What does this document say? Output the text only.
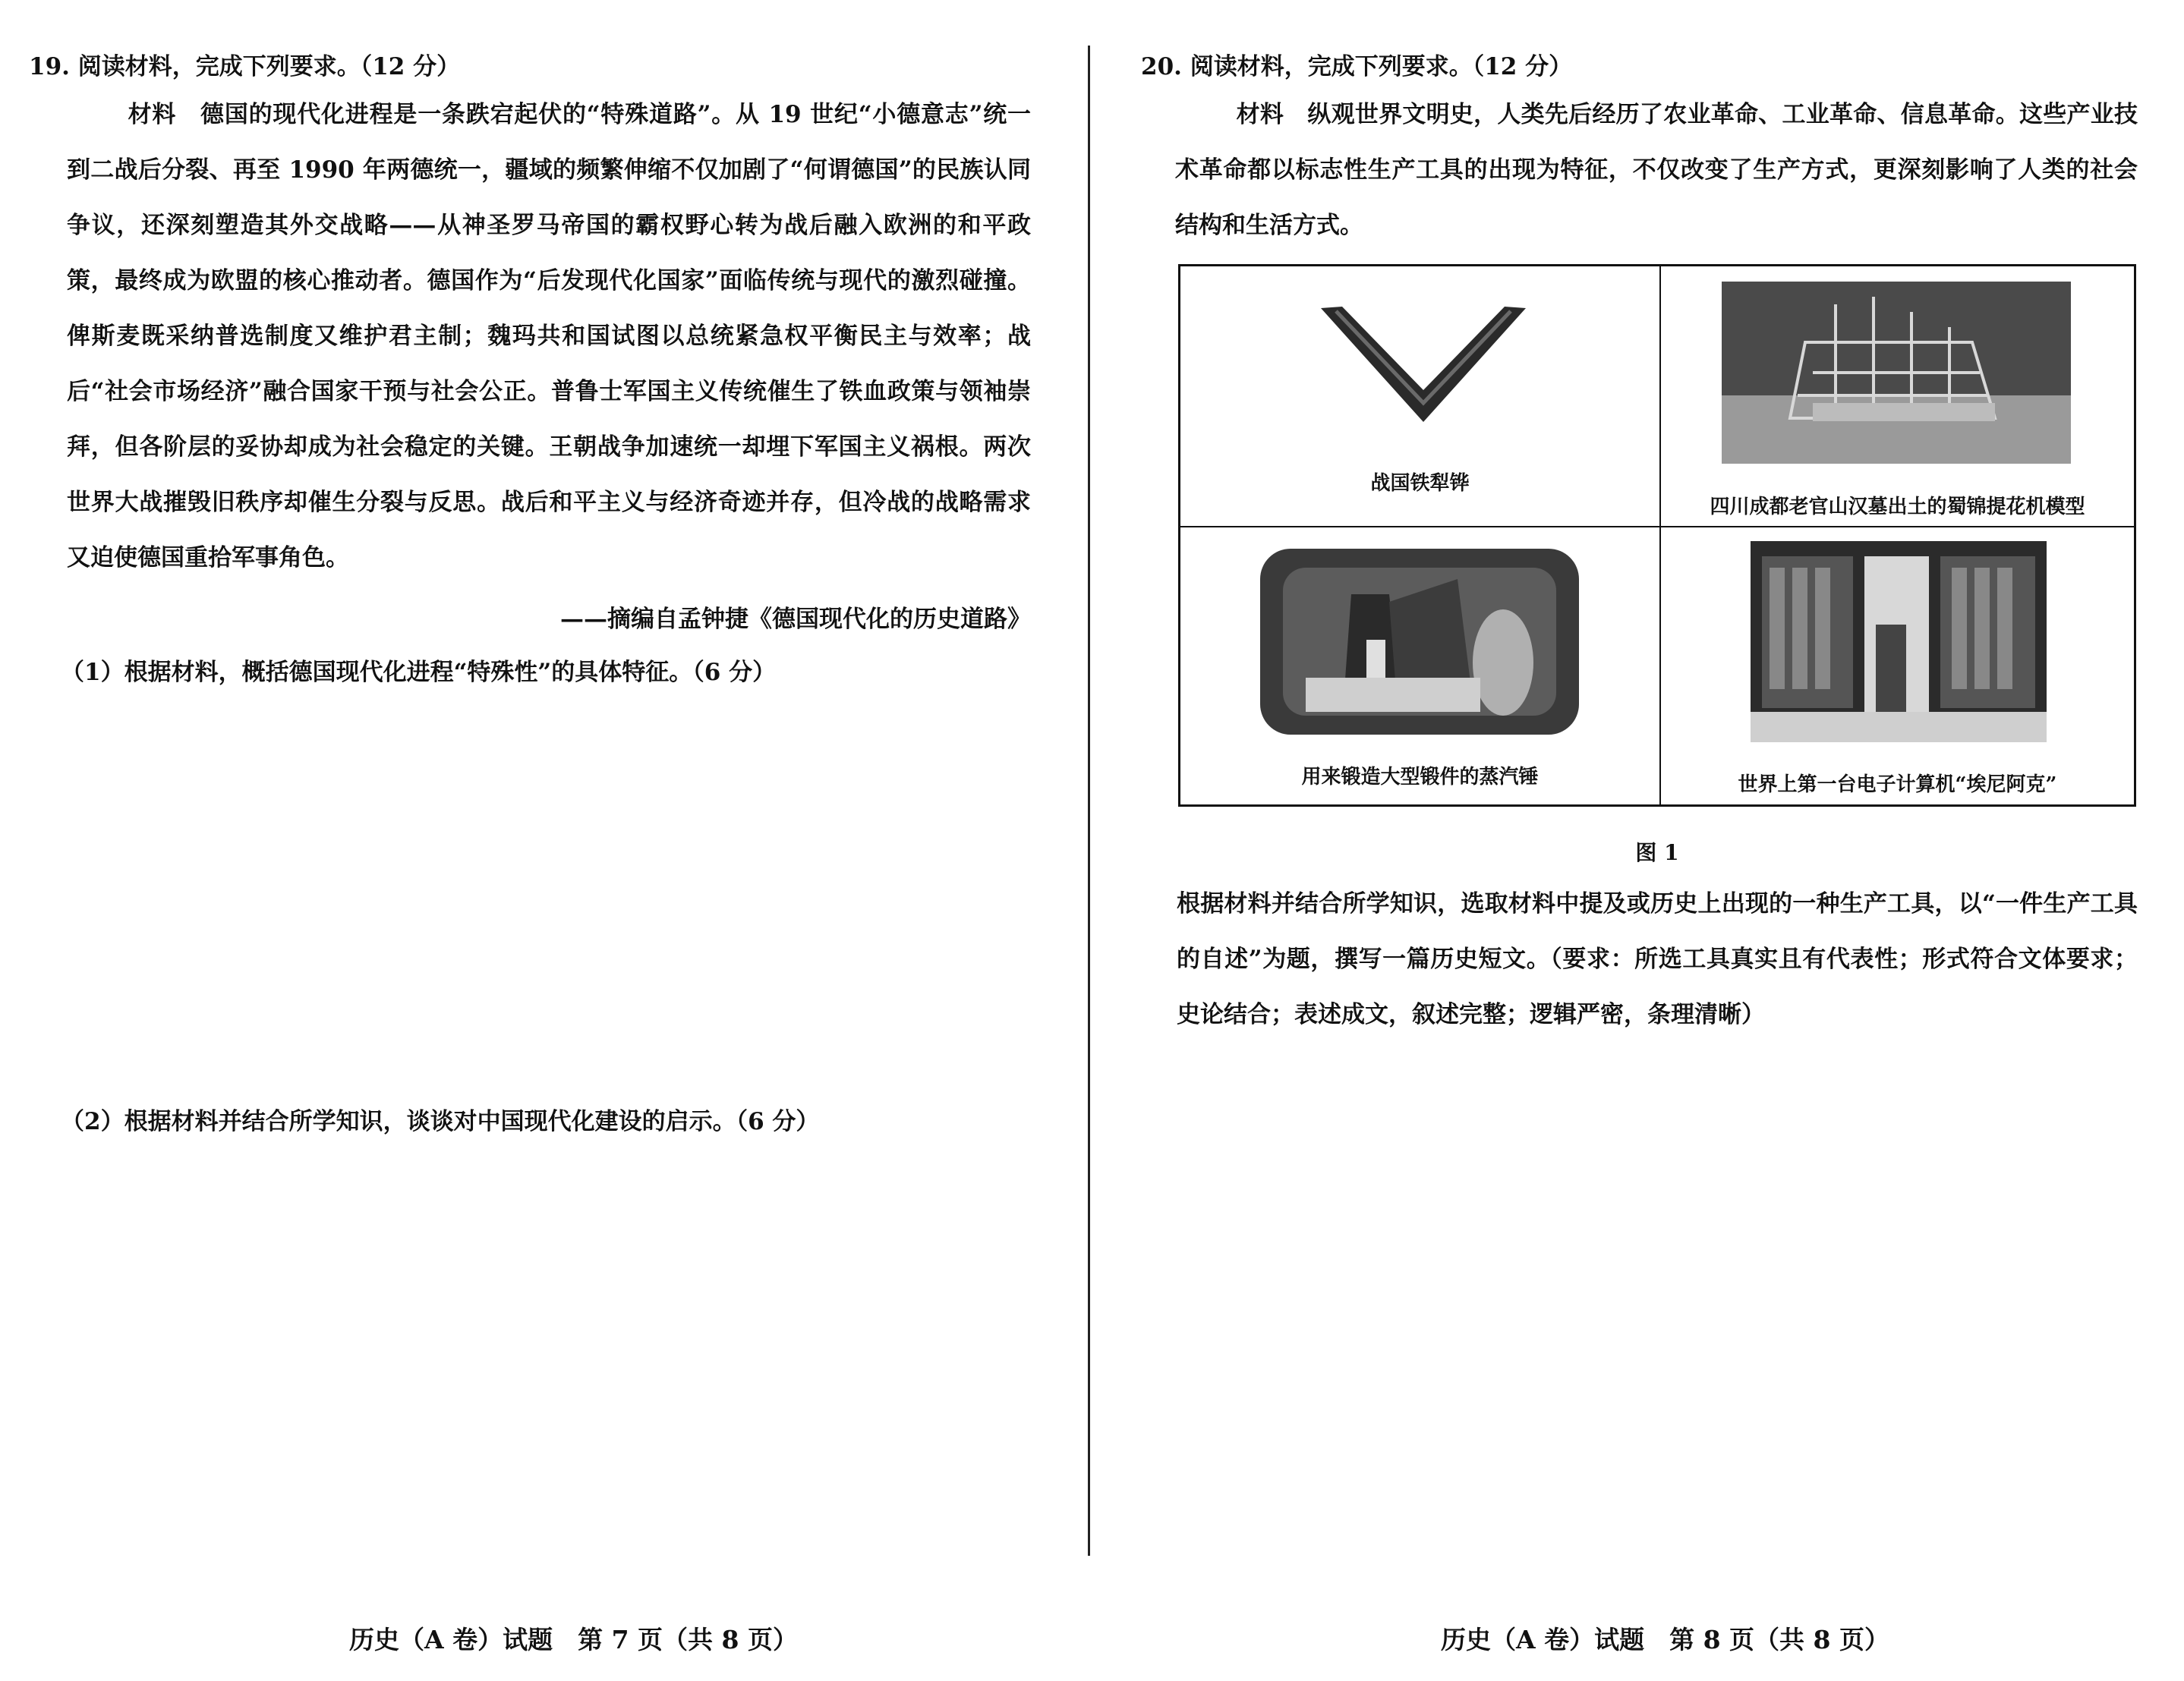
19. 阅读材料，完成下列要求。（12 分）

材料　 德国的现代化进程是一条跌宕起伏的“特殊道路”。从 19 世纪“小德意志”统一到二战后分裂、再至 1990 年两德统一，疆域的频繁伸缩不仅加剧了“何谓德国”的民族认同争议，还深刻塑造其外交战略——从神圣罗马帝国的霸权野心转为战后融入欧洲的和平政策，最终成为欧盟的核心推动者。德国作为“后发现代化国家”面临传统与现代的激烈碰撞。俾斯麦既采纳普选制度又维护君主制；魏玛共和国试图以总统紧急权平衡民主与效率；战后“社会市场经济”融合国家干预与社会公正。普鲁士军国主义传统催生了铁血政策与领袖崇拜，但各阶层的妥协却成为社会稳定的关键。王朝战争加速统一却埋下军国主义祸根。两次世界大战摧毁旧秩序却催生分裂与反思。战后和平主义与经济奇迹并存，但冷战的战略需求又迫使德国重拾军事角色。

——摘编自孟钟捷《德国现代化的历史道路》
（1）根据材料，概括德国现代化进程“特殊性”的具体特征。（6 分）
（2）根据材料并结合所学知识，谈谈对中国现代化建设的启示。（6 分）
历史（A 卷）试题　第 7 页（共 8 页）
20. 阅读材料，完成下列要求。（12 分）

材料　 纵观世界文明史，人类先后经历了农业革命、工业革命、信息革命。这些产业技术革命都以标志性生产工具的出现为特征，不仅改变了生产方式，更深刻影响了人类的社会结构和生活方式。

战国铁犁铧
四川成都老官山汉墓出土的蜀锦提花机模型
用来锻造大型锻件的蒸汽锤	世界上第一台电子计算机“埃尼阿克”
图 1

根据材料并结合所学知识，选取材料中提及或历史上出现的一种生产工具，以“一件生产工具的自述”为题，撰写一篇历史短文。（要求：所选工具真实且有代表性；形式符合文体要求；史论结合；表述成文，叙述完整；逻辑严密，条理清晰）

历史（A 卷）试题　第 8 页（共 8 页）
